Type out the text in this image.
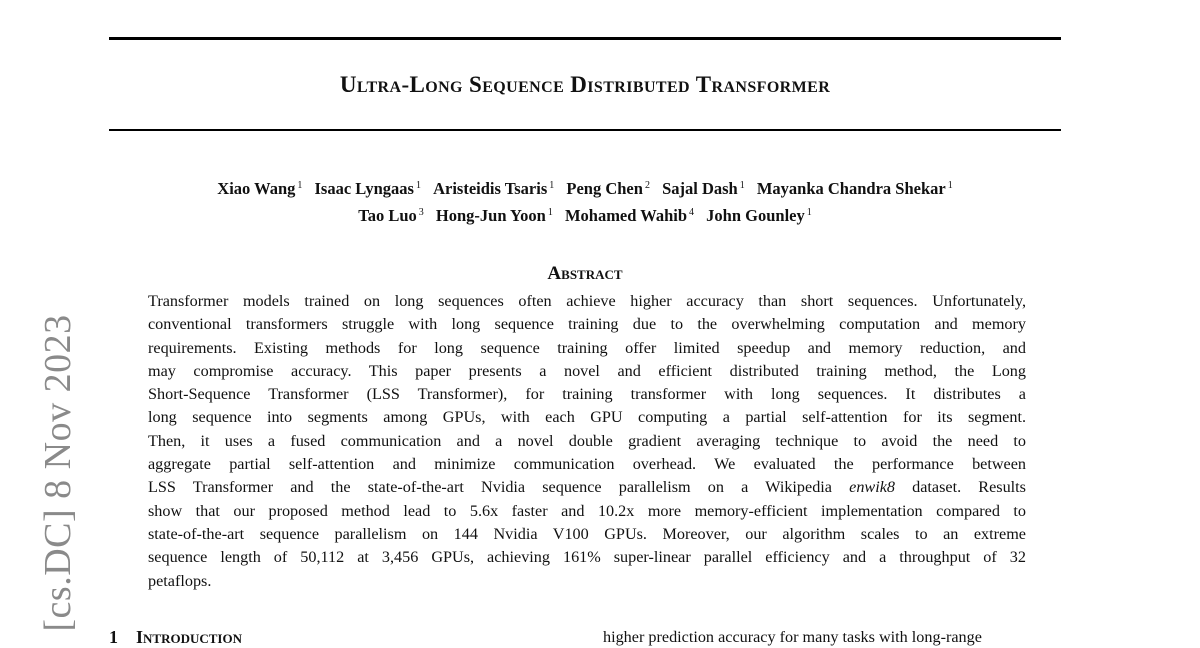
Ultra-Long Sequence Distributed Transformer
Xiao Wang $^1$ Isaac Lyngaas $^1$ Aristeidis Tsaris $^1$ Peng Chen $^2$ Sajal Dash $^1$ Mayanka Chandra Shekar $^1$
Tao Luo $^3$ Hong-Jun Yoon $^1$ Mohamed Wahib $^4$ John Gounley $^1$
Abstract
Transformer models trained on long sequences often achieve higher accuracy than short sequences. Unfortunately,
conventional transformers struggle with long sequence training due to the overwhelming computation and memory
requirements. Existing methods for long sequence training offer limited speedup and memory reduction, and
may compromise accuracy. This paper presents a novel and efficient distributed training method, the Long
Short-Sequence Transformer (LSS Transformer), for training transformer with long sequences. It distributes a
long sequence into segments among GPUs, with each GPU computing a partial self-attention for its segment.
Then, it uses a fused communication and a novel double gradient averaging technique to avoid the need to
aggregate partial self-attention and minimize communication overhead. We evaluated the performance between
LSS Transformer and the state-of-the-art Nvidia sequence parallelism on a Wikipedia enwik8 dataset. Results
show that our proposed method lead to 5.6x faster and 10.2x more memory-efficient implementation compared to
state-of-the-art sequence parallelism on 144 Nvidia V100 GPUs. Moreover, our algorithm scales to an extreme
sequence length of 50,112 at 3,456 GPUs, achieving 161% super-linear parallel efficiency and a throughput of 32
petaflops.
[cs.DC] 8 Nov 2023
1 Introduction	higher prediction accuracy for many tasks with long-range
